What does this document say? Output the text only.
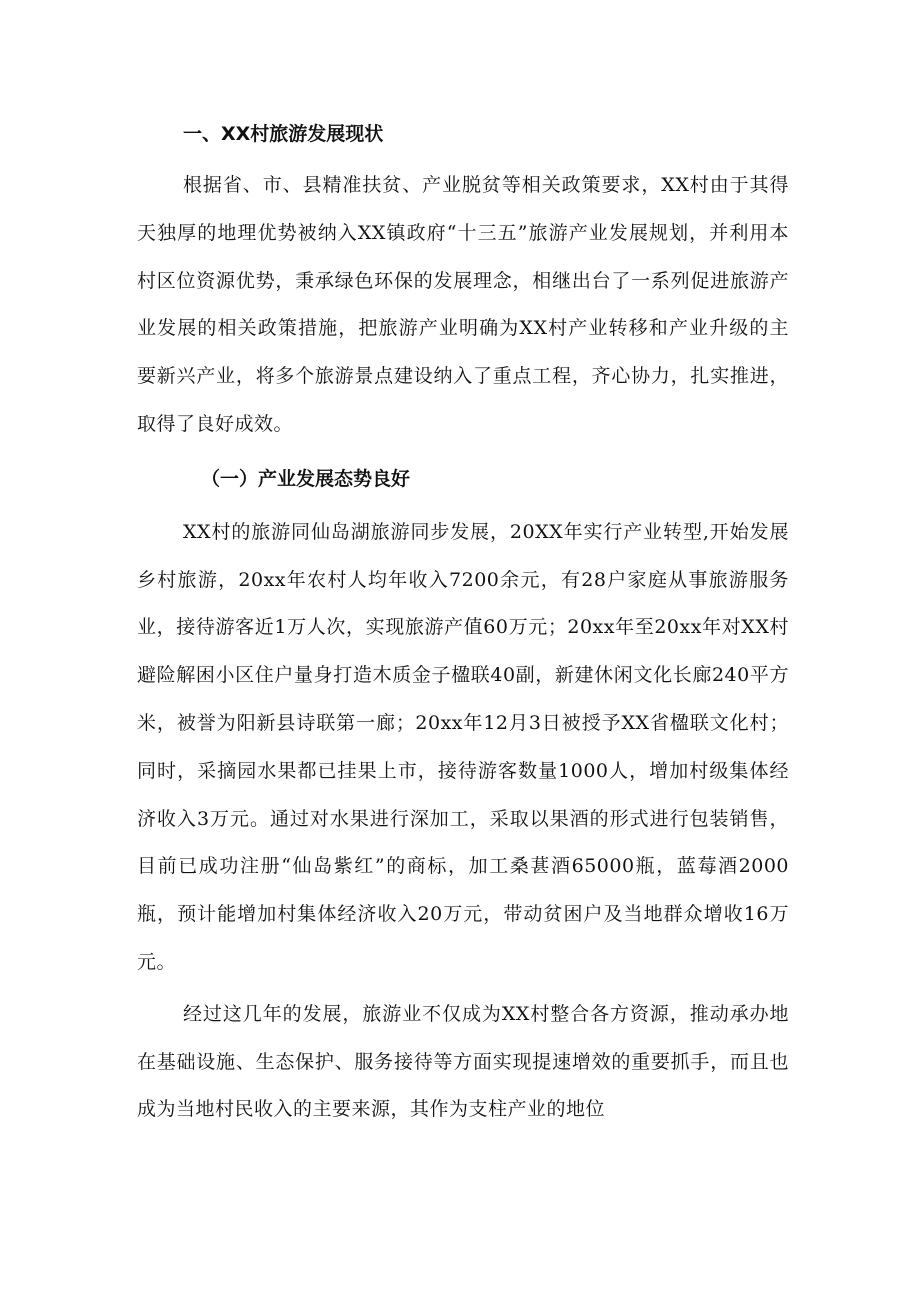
一、XX村旅游发展现状

根据省、市、县精准扶贫、产业脱贫等相关政策要求，XX村由于其得天独厚的地理优势被纳入XX镇政府“十三五”旅游产业发展规划，并利用本村区位资源优势，秉承绿色环保的发展理念，相继出台了一系列促进旅游产业发展的相关政策措施，把旅游产业明确为XX村产业转移和产业升级的主要新兴产业，将多个旅游景点建设纳入了重点工程，齐心协力，扎实推进，取得了良好成效。

（一）产业发展态势良好

XX村的旅游同仙岛湖旅游同步发展，20XX年实行产业转型,开始发展乡村旅游，20xx年农村人均年收入7200余元，有28户家庭从事旅游服务业，接待游客近1万人次，实现旅游产值60万元；20xx年至20xx年对XX村避险解困小区住户量身打造木质金子楹联40副，新建休闲文化长廊240平方米，被誉为阳新县诗联第一廊；20xx年12月3日被授予XX省楹联文化村；同时，采摘园水果都已挂果上市，接待游客数量1000人，增加村级集体经济收入3万元。通过对水果进行深加工，采取以果酒的形式进行包装销售，目前已成功注册“仙岛紫红”的商标，加工桑葚酒65000瓶，蓝莓酒2000瓶，预计能增加村集体经济收入20万元，带动贫困户及当地群众增收16万元。

经过这几年的发展，旅游业不仅成为XX村整合各方资源，推动承办地在基础设施、生态保护、服务接待等方面实现提速增效的重要抓手，而且也成为当地村民收入的主要来源，其作为支柱产业的地位
